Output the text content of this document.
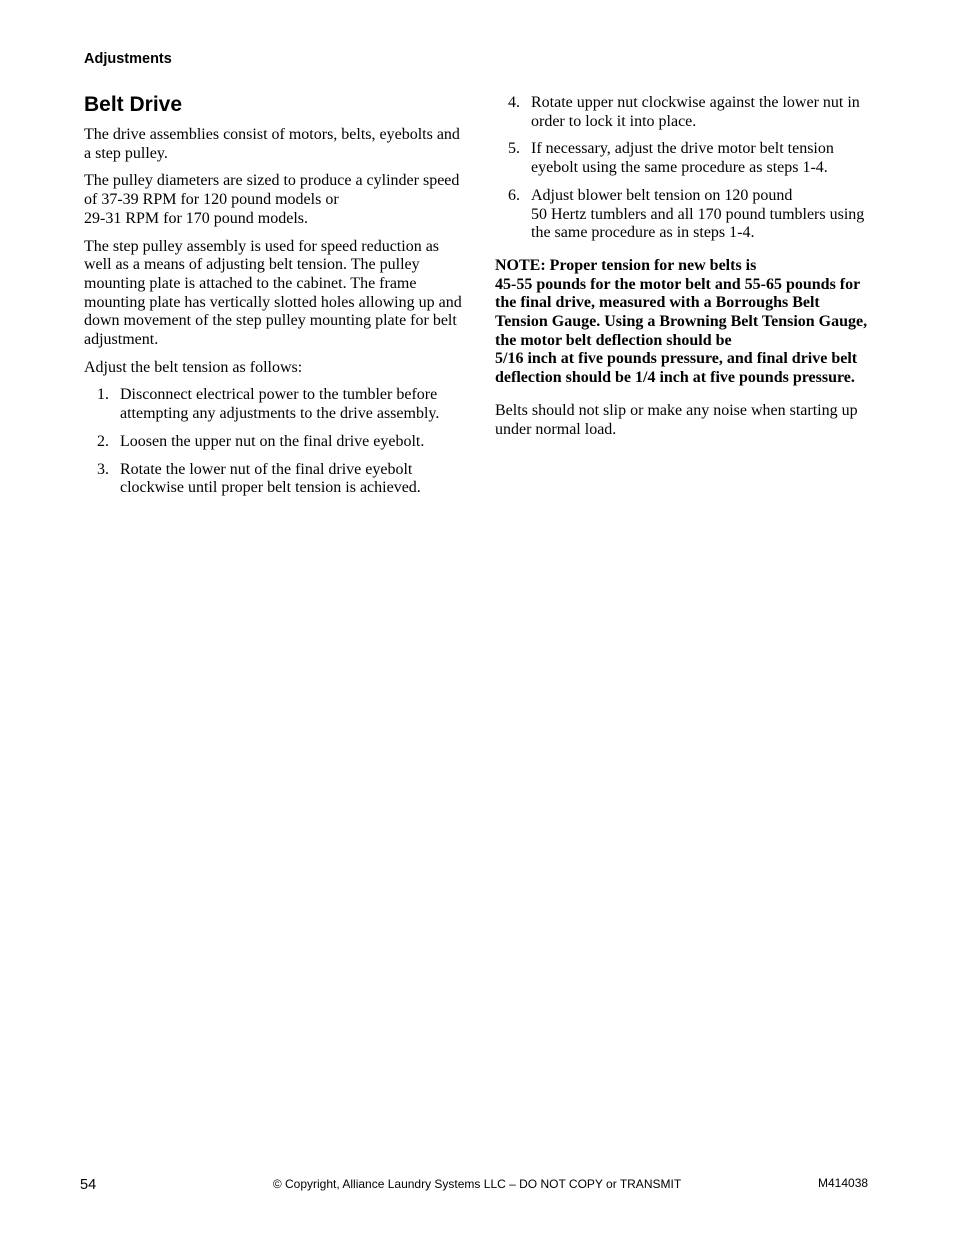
Adjustments
Belt Drive

The drive assemblies consist of motors, belts, eyebolts and a step pulley.

The pulley diameters are sized to produce a cylinder speed of 37-39 RPM for 120 pound models or
29-31 RPM for 170 pound models.

The step pulley assembly is used for speed reduction as well as a means of adjusting belt tension. The pulley mounting plate is attached to the cabinet. The frame mounting plate has vertically slotted holes allowing up and down movement of the step pulley mounting plate for belt adjustment.

Adjust the belt tension as follows:

1. Disconnect electrical power to the tumbler before attempting any adjustments to the drive assembly.
2. Loosen the upper nut on the final drive eyebolt.
3. Rotate the lower nut of the final drive eyebolt clockwise until proper belt tension is achieved.
4. Rotate upper nut clockwise against the lower nut in order to lock it into place.
5. If necessary, adjust the drive motor belt tension eyebolt using the same procedure as steps 1-4.
6. Adjust blower belt tension on 120 pound
50 Hertz tumblers and all 170 pound tumblers using the same procedure as in steps 1-4.

NOTE: Proper tension for new belts is
45-55 pounds for the motor belt and 55-65 pounds for the final drive, measured with a Borroughs Belt Tension Gauge. Using a Browning Belt Tension Gauge, the motor belt deflection should be
5/16 inch at five pounds pressure, and final drive belt deflection should be 1/4 inch at five pounds pressure.

Belts should not slip or make any noise when starting up under normal load.

54	© Copyright, Alliance Laundry Systems LLC – DO NOT COPY or TRANSMIT	M414038
